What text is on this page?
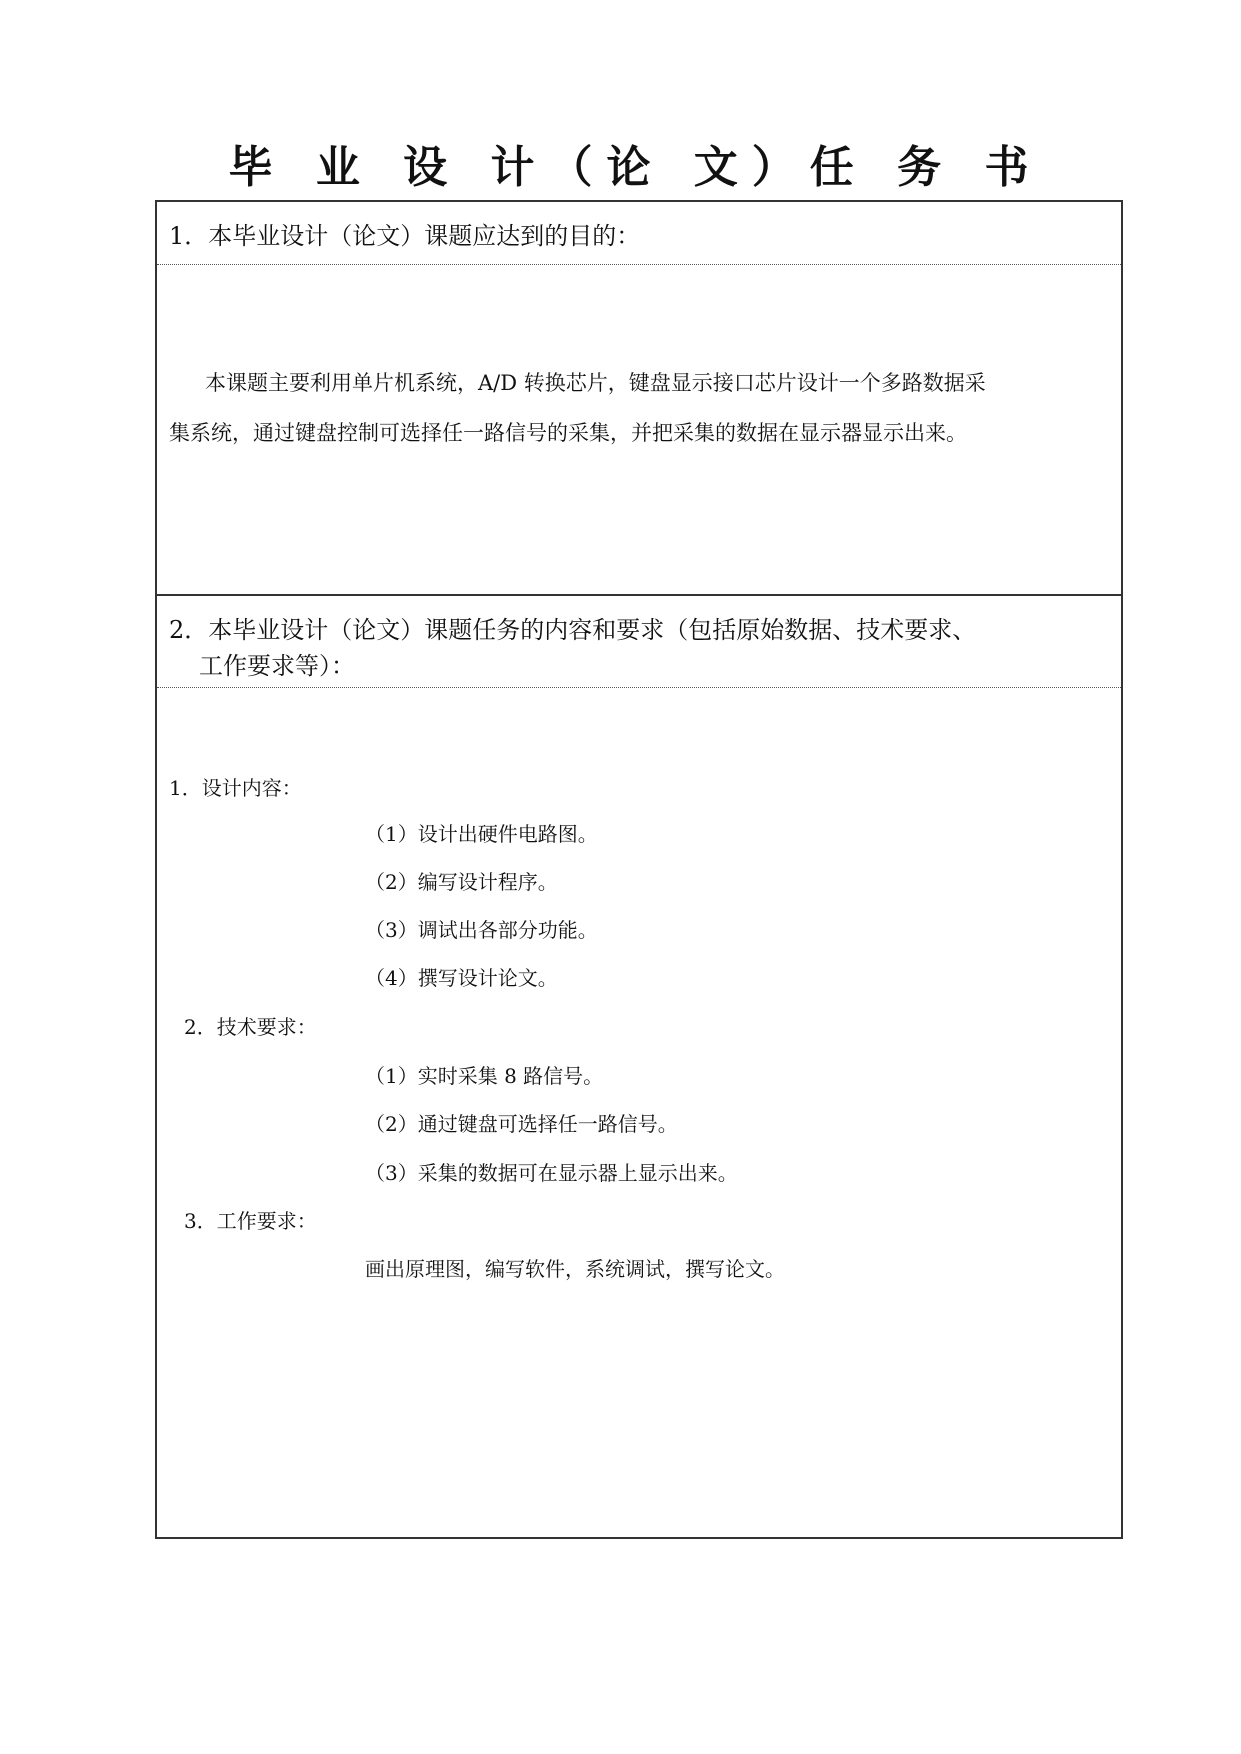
毕 业 设 计（论 文）任 务 书
1．本毕业设计（论文）课题应达到的目的：
本课题主要利用单片机系统，A/D 转换芯片，键盘显示接口芯片设计一个多路数据采
集系统，通过键盘控制可选择任一路信号的采集，并把采集的数据在显示器显示出来。
2．本毕业设计（论文）课题任务的内容和要求（包括原始数据、技术要求、
工作要求等）：
1．设计内容：
（1）设计出硬件电路图。
（2）编写设计程序。
（3）调试出各部分功能。
（4）撰写设计论文。
2．技术要求：
（1）实时采集 8 路信号。
（2）通过键盘可选择任一路信号。
（3）采集的数据可在显示器上显示出来。
3．工作要求：
画出原理图，编写软件，系统调试，撰写论文。
